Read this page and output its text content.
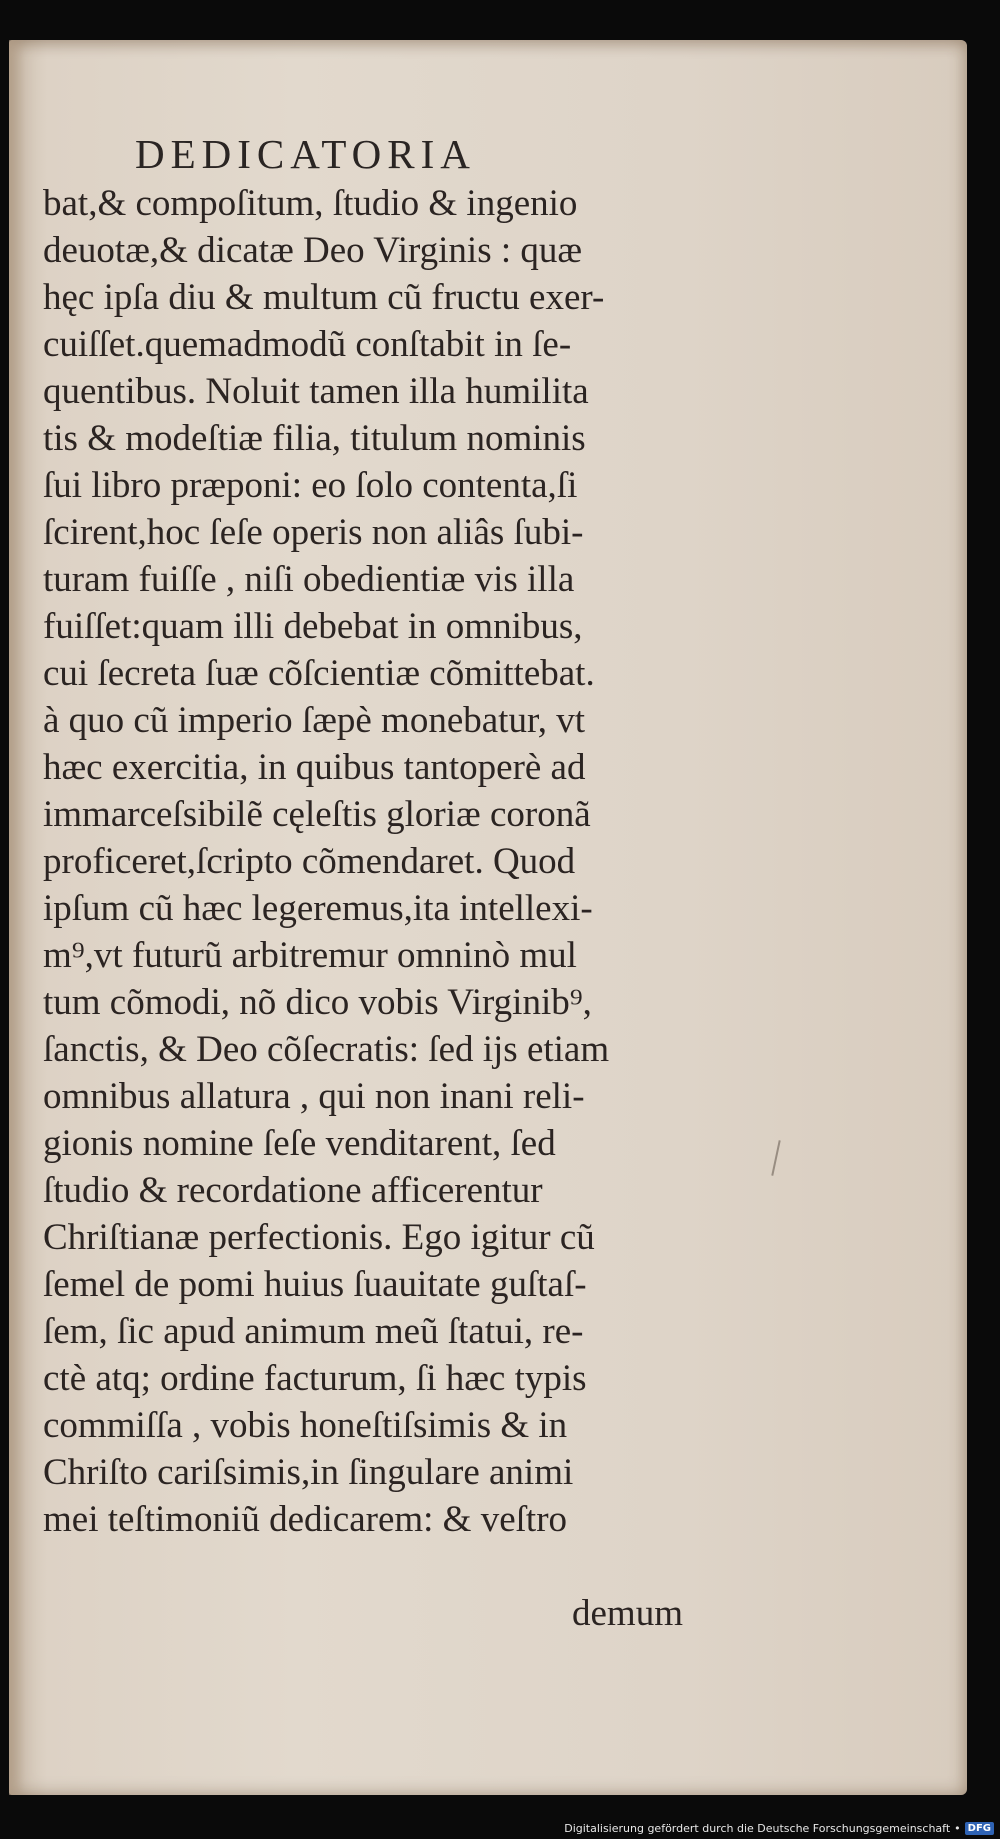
DEDICATORIA
bat,& compoſitum, ſtudio & ingenio
deuotæ,& dicatæ Deo Virginis : quæ
hęc ipſa diu & multum cũ fructu exer-
cuiſſet.quemadmodũ conſtabit in ſe-
quentibus. Noluit tamen illa humilita
tis & modeſtiæ filia, titulum nominis
ſui libro præponi: eo ſolo contenta,ſi
ſcirent,hoc ſeſe operis non aliâs ſubi-
turam fuiſſe , niſi obedientiæ vis illa
fuiſſet:quam illi debebat in omnibus,
cui ſecreta ſuæ cõſcientiæ cõmittebat.
à quo cũ imperio ſæpè monebatur, vt
hæc exercitia, in quibus tantoperè ad
immarceſsibilẽ cęleſtis gloriæ coronã
proficeret,ſcripto cõmendaret. Quod
ipſum cũ hæc legeremus,ita intellexi-
m⁹,vt futurũ arbitremur omninò mul
tum cõmodi, nõ dico vobis Virginib⁹,
ſanctis, & Deo cõſecratis: ſed ijs etiam
omnibus allatura , qui non inani reli-
gionis nomine ſeſe venditarent, ſed
ſtudio & recordatione afficerentur
Chriſtianæ perfectionis. Ego igitur cũ
ſemel de pomi huius ſuauitate guſtaſ-
ſem, ſic apud animum meũ ſtatui, re-
ctè atq; ordine facturum, ſi hæc typis
commiſſa , vobis honeſtiſsimis & in
Chriſto cariſsimis,in ſingulare animi
mei teſtimoniũ dedicarem: & veſtro
demum
Digitalisierung gefördert durch die Deutsche Forschungsgemeinschaft • DFG
